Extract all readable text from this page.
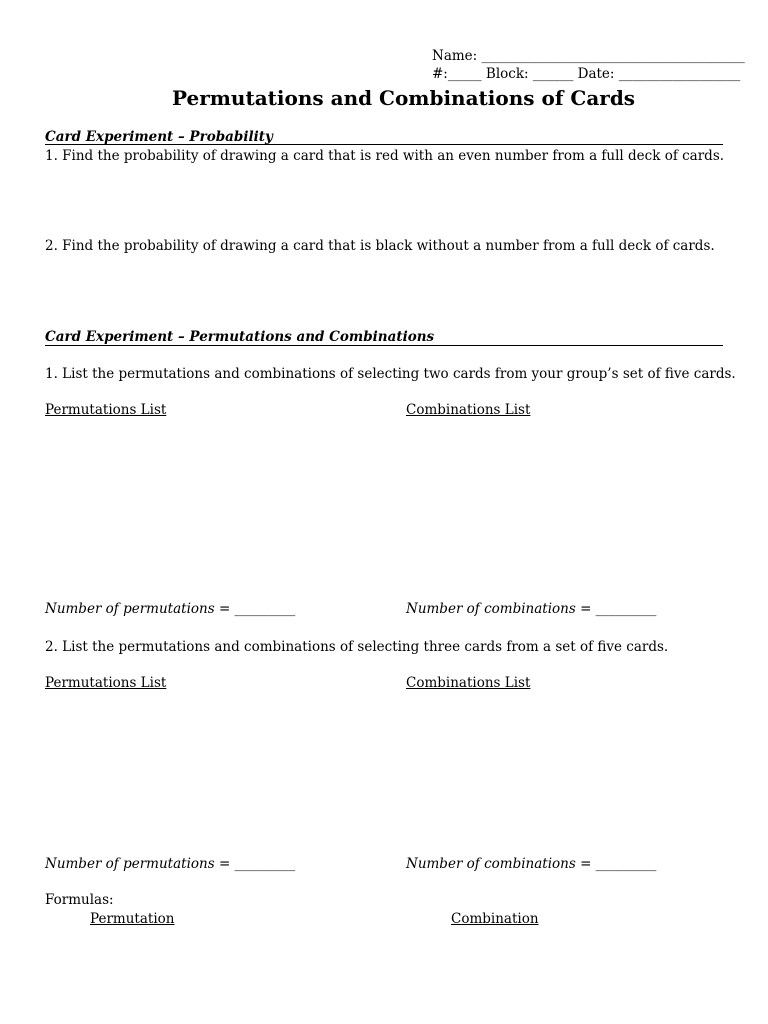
Name: _______________________________________
#:_____ Block: ______ Date: __________________
Permutations and Combinations of Cards
Card Experiment – Probability
1. Find the probability of drawing a card that is red with an even number from a full deck of cards.
2. Find the probability of drawing a card that is black without a number from a full deck of cards.
Card Experiment – Permutations and Combinations
1. List the permutations and combinations of selecting two cards from your group’s set of five cards.
Permutations List	Combinations List
Number of permutations = _________	Number of combinations = _________
2. List the permutations and combinations of selecting three cards from a set of five cards.
Permutations List	Combinations List
Number of permutations = _________	Number of combinations = _________
Formulas:
Permutation	Combination
